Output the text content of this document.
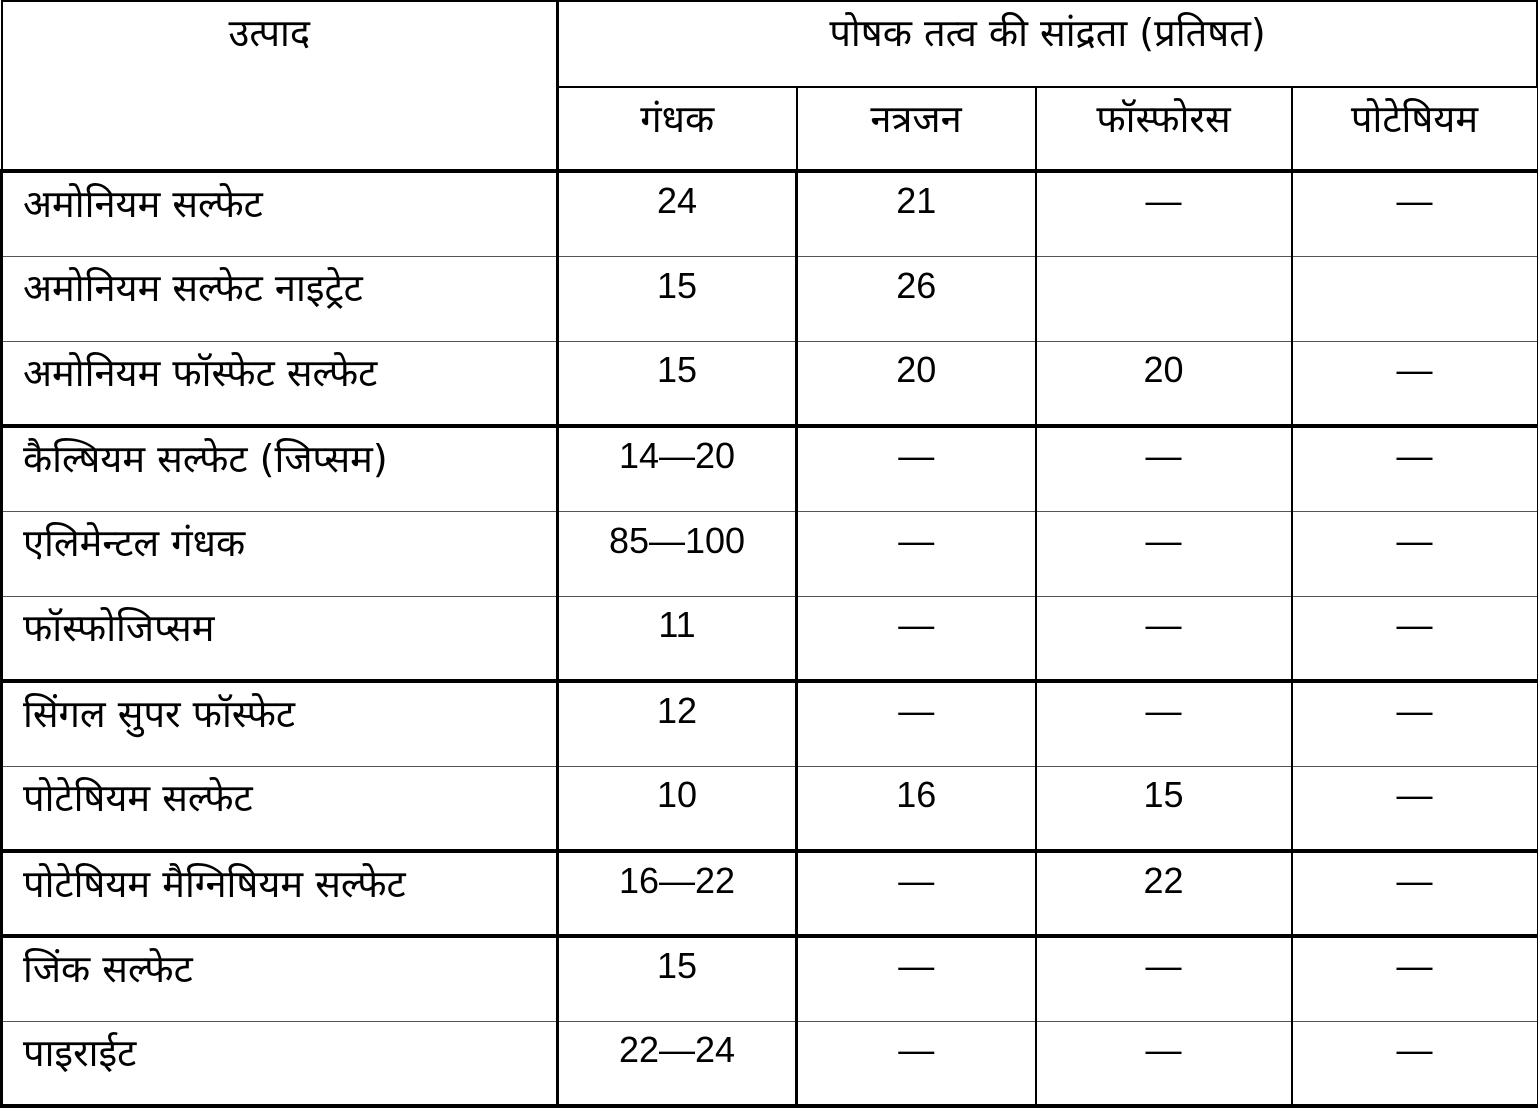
उत्पाद	पोषक तत्व की सांद्रता (प्रतिषत)			
	गंधक	नत्रजन	फॉस्फोरस	पोटेषियम
अमोनियम सल्फेट	24	21	—	—
अमोनियम सल्फेट नाइट्रेट	15	26		
अमोनियम फॉस्फेट सल्फेट	15	20	20	—
कैल्षियम सल्फेट (जिप्सम)	14—20	—	—	—
एलिमेन्टल गंधक	85—100	—	—	—
फॉस्फोजिप्सम	11	—	—	—
सिंगल सुपर फॉस्फेट	12	—	—	—
पोटेषियम सल्फेट	10	16	15	—
पोटेषियम मैग्निषियम सल्फेट	16—22	—	22	—
जिंक सल्फेट	15	—	—	—
पाइराईट	22—24	—	—	—
